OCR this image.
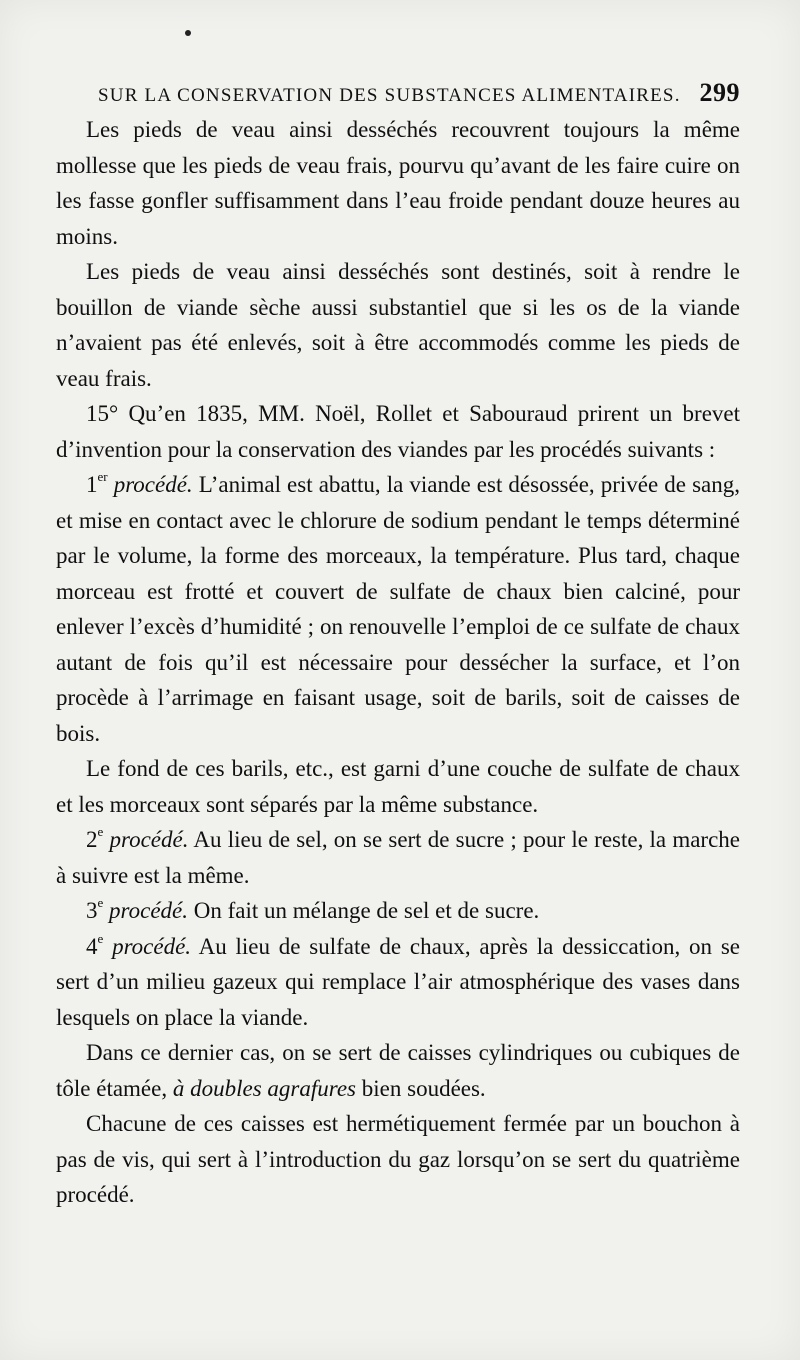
SUR LA CONSERVATION DES SUBSTANCES ALIMENTAIRES. 299

Les pieds de veau ainsi desséchés recouvrent toujours la même mollesse que les pieds de veau frais, pourvu qu’avant de les faire cuire on les fasse gonfler suffisamment dans l’eau froide pendant douze heures au moins.

Les pieds de veau ainsi desséchés sont destinés, soit à rendre le bouillon de viande sèche aussi substantiel que si les os de la viande n’avaient pas été enlevés, soit à être accommodés comme les pieds de veau frais.

15° Qu’en 1835, MM. Noël, Rollet et Sabouraud prirent un brevet d’invention pour la conservation des viandes par les procédés suivants :

1er procédé. L’animal est abattu, la viande est désossée, privée de sang, et mise en contact avec le chlorure de sodium pendant le temps déterminé par le volume, la forme des morceaux, la température. Plus tard, chaque morceau est frotté et couvert de sulfate de chaux bien calciné, pour enlever l’excès d’humidité ; on renouvelle l’emploi de ce sulfate de chaux autant de fois qu’il est nécessaire pour dessécher la surface, et l’on procède à l’arrimage en faisant usage, soit de barils, soit de caisses de bois.

Le fond de ces barils, etc., est garni d’une couche de sulfate de chaux et les morceaux sont séparés par la même substance.

2e procédé. Au lieu de sel, on se sert de sucre ; pour le reste, la marche à suivre est la même.

3e procédé. On fait un mélange de sel et de sucre.

4e procédé. Au lieu de sulfate de chaux, après la dessiccation, on se sert d’un milieu gazeux qui remplace l’air atmosphérique des vases dans lesquels on place la viande.

Dans ce dernier cas, on se sert de caisses cylindriques ou cubiques de tôle étamée, à doubles agrafures bien soudées.

Chacune de ces caisses est hermétiquement fermée par un bouchon à pas de vis, qui sert à l’introduction du gaz lorsqu’on se sert du quatrième procédé.
